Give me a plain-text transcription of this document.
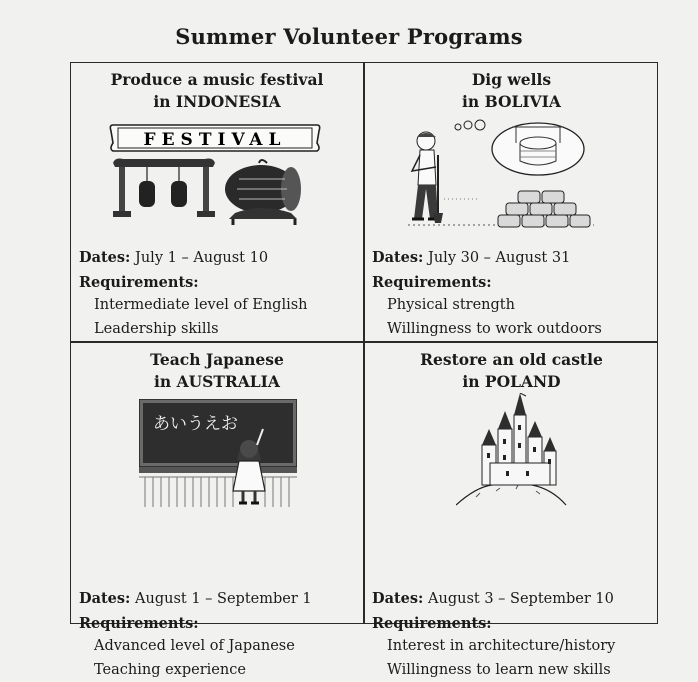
Summer Volunteer Programs
Produce a music festival
in INDONESIA
FESTIVAL
Dates: July 1 – August 10
Requirements:
Intermediate level of English
Leadership skills
Dig wells
in BOLIVIA
Dates: July 30 – August 31
Requirements:
Physical strength
Willingness to work outdoors
Teach Japanese
in AUSTRALIA
あいうえお
Dates: August 1 – September 1
Requirements:
Advanced level of Japanese
Teaching experience
Restore an old castle
in POLAND
Dates: August 3 – September 10
Requirements:
Interest in architecture/history
Willingness to learn new skills
